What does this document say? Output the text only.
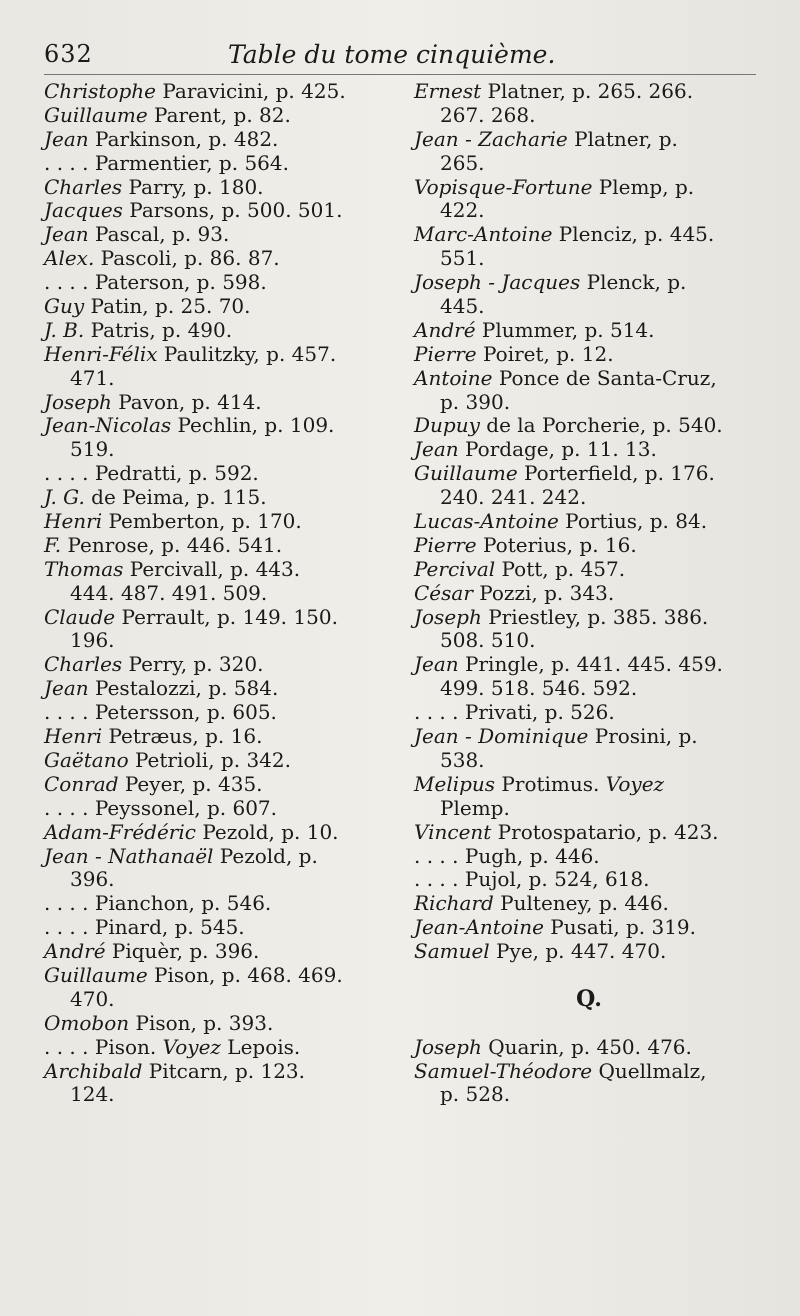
632	Table du tome cinquième.
Christophe Paravicini, p. 425.
Guillaume Parent, p. 82.
Jean Parkinson, p. 482.
. . . . Parmentier, p. 564.
Charles Parry, p. 180.
Jacques Parsons, p. 500. 501.
Jean Pascal, p. 93.
Alex. Pascoli, p. 86. 87.
. . . . Paterson, p. 598.
Guy Patin, p. 25. 70.
J. B. Patris, p. 490.
Henri-Félix Paulitzky, p. 457.
471.
Joseph Pavon, p. 414.
Jean-Nicolas Pechlin, p. 109.
519.
. . . . Pedratti, p. 592.
J. G. de Peima, p. 115.
Henri Pemberton, p. 170.
F. Penrose, p. 446. 541.
Thomas Percivall, p. 443.
444. 487. 491. 509.
Claude Perrault, p. 149. 150.
196.
Charles Perry, p. 320.
Jean Pestalozzi, p. 584.
. . . . Petersson, p. 605.
Henri Petræus, p. 16.
Gaëtano Petrioli, p. 342.
Conrad Peyer, p. 435.
. . . . Peyssonel, p. 607.
Adam-Frédéric Pezold, p. 10.
Jean - Nathanaël Pezold, p.
396.
. . . . Pianchon, p. 546.
. . . . Pinard, p. 545.
André Piquèr, p. 396.
Guillaume Pison, p. 468. 469.
470.
Omobon Pison, p. 393.
. . . . Pison. Voyez Lepois.
Archibald Pitcarn, p. 123.
124.
Ernest Platner, p. 265. 266.
267. 268.
Jean - Zacharie Platner, p.
265.
Vopisque-Fortune Plemp, p.
422.
Marc-Antoine Plenciz, p. 445.
551.
Joseph - Jacques Plenck, p.
445.
André Plummer, p. 514.
Pierre Poiret, p. 12.
Antoine Ponce de Santa-Cruz,
p. 390.
Dupuy de la Porcherie, p. 540.
Jean Pordage, p. 11. 13.
Guillaume Porterfield, p. 176.
240. 241. 242.
Lucas-Antoine Portius, p. 84.
Pierre Poterius, p. 16.
Percival Pott, p. 457.
César Pozzi, p. 343.
Joseph Priestley, p. 385. 386.
508. 510.
Jean Pringle, p. 441. 445. 459.
499. 518. 546. 592.
. . . . Privati, p. 526.
Jean - Dominique Prosini, p.
538.
Melipus Protimus. Voyez
Plemp.
Vincent Protospatario, p. 423.
. . . . Pugh, p. 446.
. . . . Pujol, p. 524, 618.
Richard Pulteney, p. 446.
Jean-Antoine Pusati, p. 319.
Samuel Pye, p. 447. 470.
Q.
Joseph Quarin, p. 450. 476.
Samuel-Théodore Quellmalz,
p. 528.
